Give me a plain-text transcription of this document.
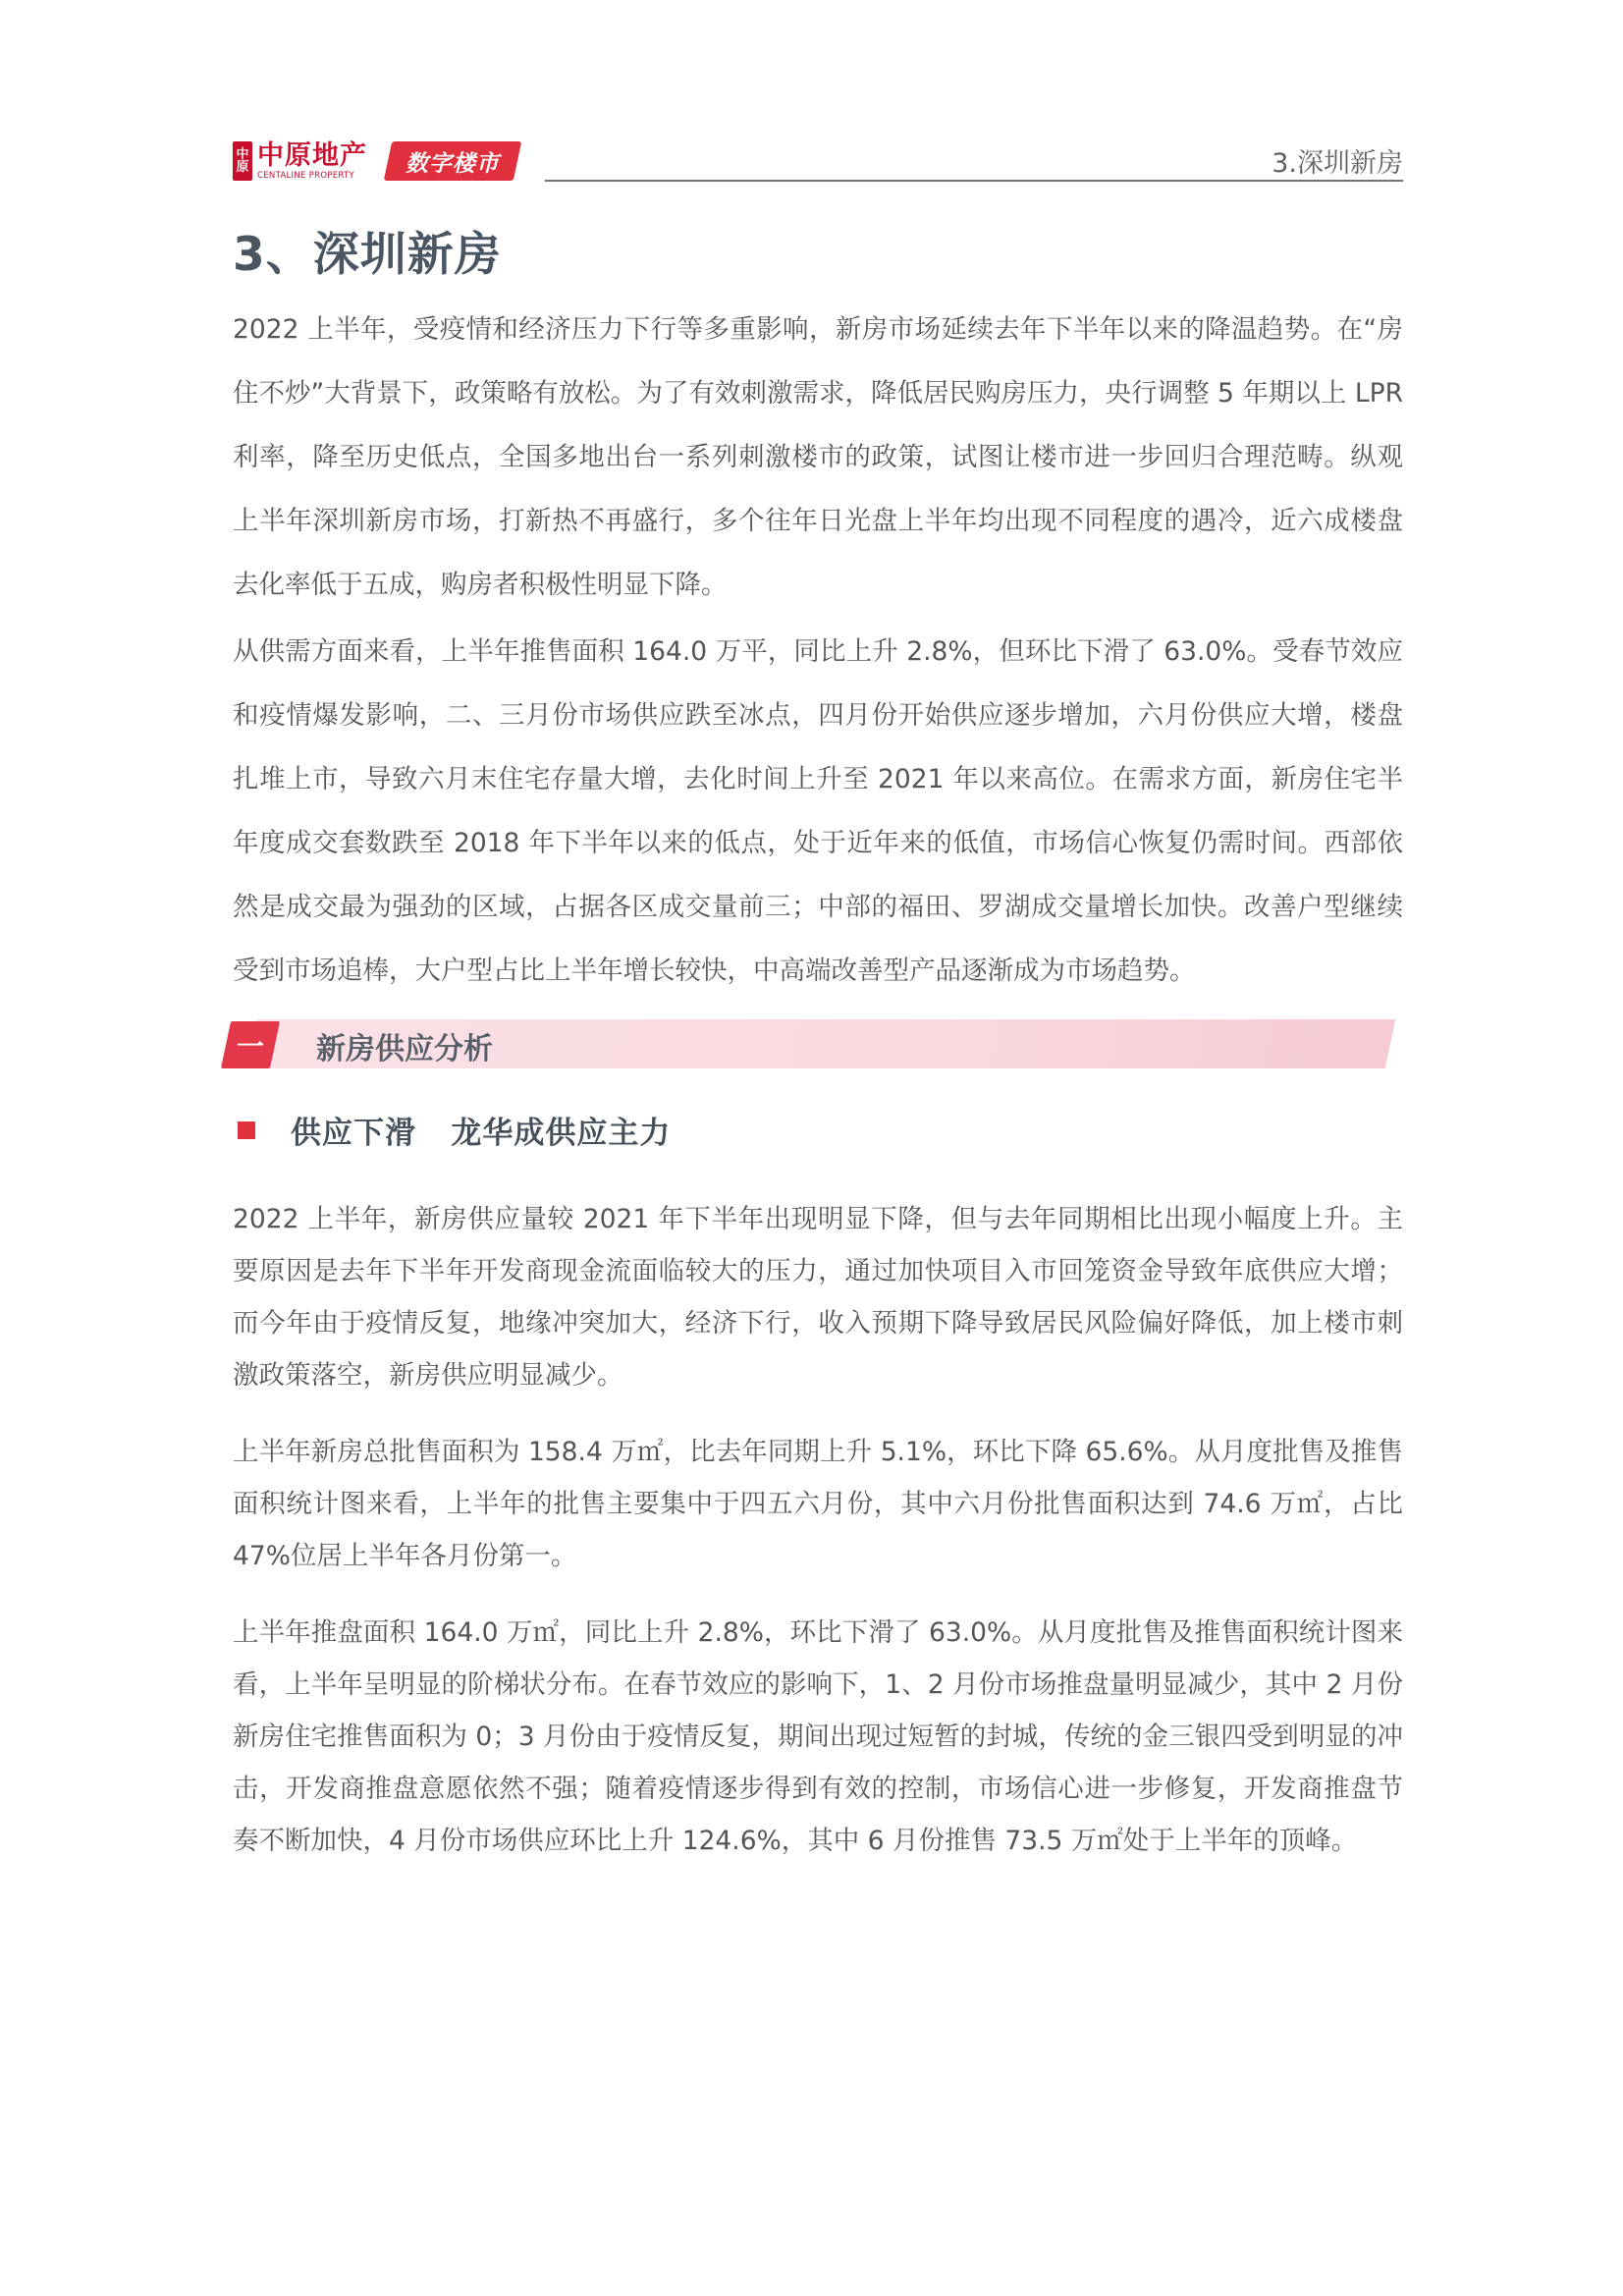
中原 中原地产
CENTALINE PROPERTY	数字楼市	3.深圳新房
3、深圳新房
2022 上半年，受疫情和经济压力下行等多重影响，新房市场延续去年下半年以来的降温趋势。在“房住不炒”大背景下，政策略有放松。为了有效刺激需求，降低居民购房压力，央行调整 5 年期以上 LPR 利率，降至历史低点，全国多地出台一系列刺激楼市的政策，试图让楼市进一步回归合理范畴。纵观上半年深圳新房市场，打新热不再盛行，多个往年日光盘上半年均出现不同程度的遇冷，近六成楼盘去化率低于五成，购房者积极性明显下降。
从供需方面来看，上半年推售面积 164.0 万平，同比上升 2.8%，但环比下滑了 63.0%。受春节效应和疫情爆发影响，二、三月份市场供应跌至冰点，四月份开始供应逐步增加，六月份供应大增，楼盘扎堆上市，导致六月末住宅存量大增，去化时间上升至 2021 年以来高位。在需求方面，新房住宅半年度成交套数跌至 2018 年下半年以来的低点，处于近年来的低值，市场信心恢复仍需时间。西部依然是成交最为强劲的区域，占据各区成交量前三；中部的福田、罗湖成交量增长加快。改善户型继续受到市场追棒，大户型占比上半年增长较快，中高端改善型产品逐渐成为市场趋势。
一 新房供应分析
供应下滑   龙华成供应主力
2022 上半年，新房供应量较 2021 年下半年出现明显下降，但与去年同期相比出现小幅度上升。主要原因是去年下半年开发商现金流面临较大的压力，通过加快项目入市回笼资金导致年底供应大增；而今年由于疫情反复，地缘冲突加大，经济下行，收入预期下降导致居民风险偏好降低，加上楼市刺激政策落空，新房供应明显减少。
上半年新房总批售面积为 158.4 万㎡，比去年同期上升 5.1%，环比下降 65.6%。从月度批售及推售面积统计图来看，上半年的批售主要集中于四五六月份，其中六月份批售面积达到 74.6 万㎡，占比 47%位居上半年各月份第一。
上半年推盘面积 164.0 万㎡，同比上升 2.8%，环比下滑了 63.0%。从月度批售及推售面积统计图来看，上半年呈明显的阶梯状分布。在春节效应的影响下，1、2 月份市场推盘量明显减少，其中 2 月份新房住宅推售面积为 0；3 月份由于疫情反复，期间出现过短暂的封城，传统的金三银四受到明显的冲击，开发商推盘意愿依然不强；随着疫情逐步得到有效的控制，市场信心进一步修复，开发商推盘节奏不断加快，4 月份市场供应环比上升 124.6%，其中 6 月份推售 73.5 万㎡处于上半年的顶峰。
